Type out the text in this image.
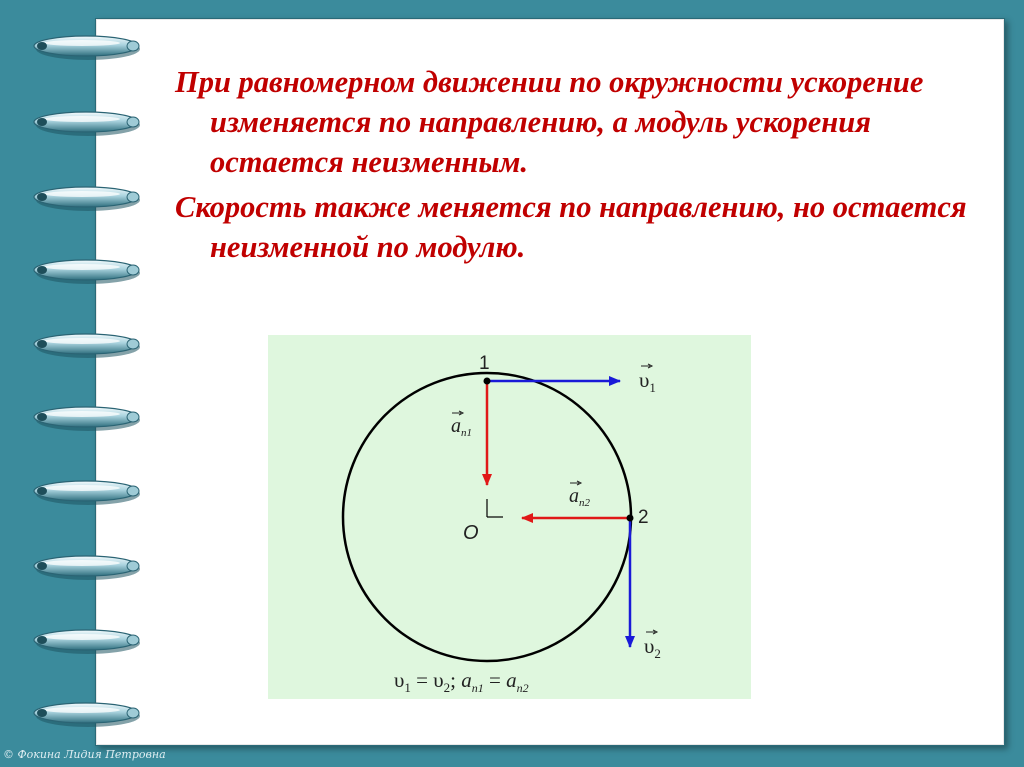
При равномерном движении по окружности ускорение изменяется по направлению, а модуль ускорения остается неизменным.

Скорость также меняется по направлению, но остается неизменной по модулю.

1
2
O
$\upsilon_1$
$\upsilon_2$
$a_{n1}$
$a_{n2}$
$\upsilon_1 = \upsilon_2$; $a_{n1} = a_{n2}$
© Фокина Лидия Петровна
